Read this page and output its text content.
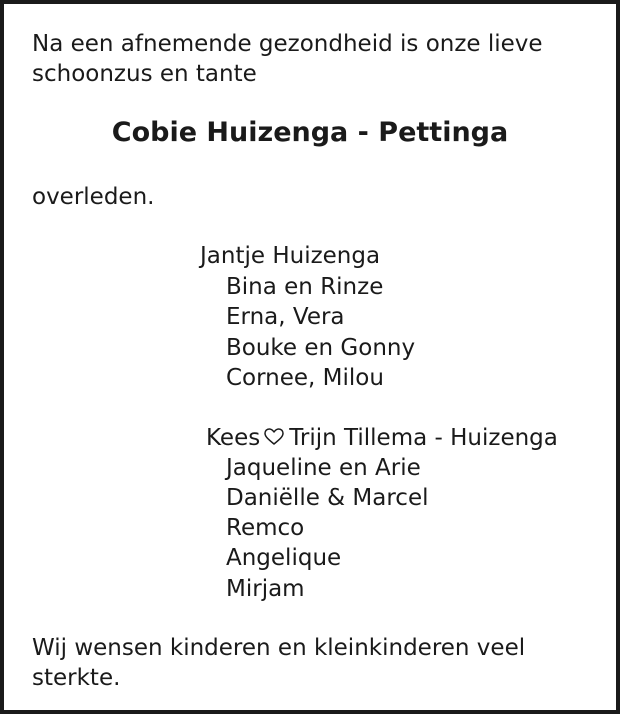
Na een afnemende gezondheid is onze lieve
schoonzus en tante
Cobie Huizenga - Pettinga
overleden.
Jantje Huizenga
Bina en Rinze
Erna, Vera
Bouke en Gonny
Cornee, Milou
Kees Trijn Tillema - Huizenga
Jaqueline en Arie
Daniëlle & Marcel
Remco
Angelique
Mirjam
Wij wensen kinderen en kleinkinderen veel
sterkte.
